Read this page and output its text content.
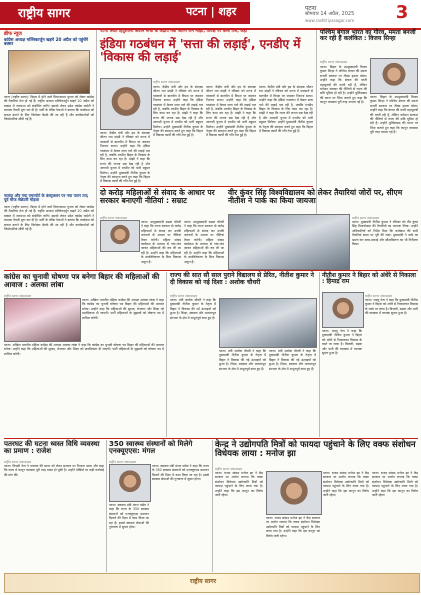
राष्ट्रीय सागर	पटना | शहर	पटना
सोमवार 14 अप्रैल, 2025
www.rashtriyasagar.com 3
ब्रीफ न्यूज
कांग्रेस अध्यक्ष मल्लिकार्जुन खड़गे 20 अप्रैल को पहुंचेंगे बक्सर
पटना (राष्ट्रीय सागर): बिहार में होने वाले विधानसभा चुनाव को लेकर कांग्रेस की तैयारियां तेज हो गई हैं। राष्ट्रीय अध्यक्ष मल्लिकार्जुन खड़गे 20 अप्रैल को बक्सर में जनसभा को संबोधित करेंगे। इसको लेकर प्रदेश कांग्रेस कमेटी ने व्यापक तैयारी शुरू कर दी है। पार्टी के वरिष्ठ नेताओं ने बताया कि कार्यक्रम को सफल बनाने के लिए जिलेवार बैठकें की जा रही हैं और कार्यकर्ताओं को जिम्मेदारियां सौंपी गई हैं।
नालंदा और गया एयरपोर्ट के कंस्ट्रक्शन पर नया प्लान तय; पूर्व चीफ सेक्रेटरी मोहला
पटना (राष्ट्रीय सागर): बिहार में होने वाले विधानसभा चुनाव को लेकर कांग्रेस की तैयारियां तेज हो गई हैं। राष्ट्रीय अध्यक्ष मल्लिकार्जुन खड़गे 20 अप्रैल को बक्सर में जनसभा को संबोधित करेंगे। इसको लेकर प्रदेश कांग्रेस कमेटी ने व्यापक तैयारी शुरू कर दी है। पार्टी के वरिष्ठ नेताओं ने बताया कि कार्यक्रम को सफल बनाने के लिए जिलेवार बैठकें की जा रही हैं और कार्यकर्ताओं को जिम्मेदारियां सौंपी गई हैं।
पटना स्थित हिंदुस्तानी अवाम मोर्चा के केंद्रीय मंत्री जीतन राम मांझी, विपक्ष पर कसा तंज, कहा
इंडिया गठबंधन में 'सत्ता की लड़ाई', एनडीए में 'विकास की लड़ाई'
राष्ट्रीय सागर संवाददाता
पटना। केंद्रीय मंत्री और हम के संरक्षक जीतन राम मांझी ने रविवार को पटना में पत्रकारों से बातचीत में विपक्ष पर जमकर निशाना साधा। उन्होंने कहा कि इंडिया गठबंधन में केवल सत्ता पाने की लड़ाई चल रही है, जबकि एनडीए बिहार के विकास के लिए काम कर रहा है। मांझी ने कहा कि राज्य की जनता सब देख रही है और आगामी चुनाव में एनडीए को भारी बहुमत मिलेगा। उन्होंने मुख्यमंत्री नीतीश कुमार के नेतृत्व की सराहना करते हुए कहा कि बिहार में विकास कार्यों की गति तेज हुई है।
पटना। केंद्रीय मंत्री और हम के संरक्षक जीतन राम मांझी ने रविवार को पटना में पत्रकारों से बातचीत में विपक्ष पर जमकर निशाना साधा। उन्होंने कहा कि इंडिया गठबंधन में केवल सत्ता पाने की लड़ाई चल रही है, जबकि एनडीए बिहार के विकास के लिए काम कर रहा है। मांझी ने कहा कि राज्य की जनता सब देख रही है और आगामी चुनाव में एनडीए को भारी बहुमत मिलेगा। उन्होंने मुख्यमंत्री नीतीश कुमार के नेतृत्व की सराहना करते हुए कहा कि बिहार में विकास कार्यों की गति तेज हुई है।
पटना। केंद्रीय मंत्री और हम के संरक्षक जीतन राम मांझी ने रविवार को पटना में पत्रकारों से बातचीत में विपक्ष पर जमकर निशाना साधा। उन्होंने कहा कि इंडिया गठबंधन में केवल सत्ता पाने की लड़ाई चल रही है, जबकि एनडीए बिहार के विकास के लिए काम कर रहा है। मांझी ने कहा कि राज्य की जनता सब देख रही है और आगामी चुनाव में एनडीए को भारी बहुमत मिलेगा। उन्होंने मुख्यमंत्री नीतीश कुमार के नेतृत्व की सराहना करते हुए कहा कि बिहार में विकास कार्यों की गति तेज हुई है।
पटना। केंद्रीय मंत्री और हम के संरक्षक जीतन राम मांझी ने रविवार को पटना में पत्रकारों से बातचीत में विपक्ष पर जमकर निशाना साधा। उन्होंने कहा कि इंडिया गठबंधन में केवल सत्ता पाने की लड़ाई चल रही है, जबकि एनडीए बिहार के विकास के लिए काम कर रहा है। मांझी ने कहा कि राज्य की जनता सब देख रही है और आगामी चुनाव में एनडीए को भारी बहुमत मिलेगा। उन्होंने मुख्यमंत्री नीतीश कुमार के नेतृत्व की सराहना करते हुए कहा कि बिहार में विकास कार्यों की गति तेज हुई है।
पश्चिम बंगाल भारत का गौरव, ममता बनर्जी कर रही हैं कलंकित : विजय सिन्हा
राष्ट्रीय सागर संवाददाता
पटना। बिहार के उपमुख्यमंत्री विजय कुमार सिन्हा ने पश्चिम बंगाल की ममता बनर्जी सरकार पर तीखा हमला बोला। उन्होंने कहा कि बंगाल की धरती महापुरुषों की धरती रही है, लेकिन वर्तमान सरकार की नीतियों से राज्य की छवि धूमिल हो रही है। उन्होंने मुर्शिदाबाद की घटना पर चिंता जताते हुए कहा कि कानून व्यवस्था पूरी तरह चरमरा गई है।
पटना। बिहार के उपमुख्यमंत्री विजय कुमार सिन्हा ने पश्चिम बंगाल की ममता बनर्जी सरकार पर तीखा हमला बोला। उन्होंने कहा कि बंगाल की धरती महापुरुषों की धरती रही है, लेकिन वर्तमान सरकार की नीतियों से राज्य की छवि धूमिल हो रही है। उन्होंने मुर्शिदाबाद की घटना पर चिंता जताते हुए कहा कि कानून व्यवस्था पूरी तरह चरमरा गई है।
दो करोड़ महिलाओं से संवाद के आधार पर सरकार बनाएगी नीतियां : सम्राट
राष्ट्रीय सागर संवाददाता
पटना। उपमुख्यमंत्री सम्राट चौधरी ने कहा कि राज्य सरकार दो करोड़ महिलाओं से संवाद कर उनकी जरूरतों के आधार पर नीतियां तैयार करेगी। महिला संवाद कार्यक्रम के माध्यम से गांव-गांव जाकर महिलाओं की राय ली जा रही है। उन्होंने कहा कि महिलाओं के सशक्तिकरण के बिना विकास अधूरा है।
पटना। उपमुख्यमंत्री सम्राट चौधरी ने कहा कि राज्य सरकार दो करोड़ महिलाओं से संवाद कर उनकी जरूरतों के आधार पर नीतियां तैयार करेगी। महिला संवाद कार्यक्रम के माध्यम से गांव-गांव जाकर महिलाओं की राय ली जा रही है। उन्होंने कहा कि महिलाओं के सशक्तिकरण के बिना विकास अधूरा है।
वीर कुंवर सिंह विश्वविद्यालय को लेकर तैयारियां जोरों पर, सीएम नीतीश ने पार्क का किया जायजा
राष्ट्रीय सागर संवाददाता
पटना। मुख्यमंत्री नीतीश कुमार ने रविवार को वीर कुंवर सिंह विजयोत्सव की तैयारियों का जायजा लिया। उन्होंने अधिकारियों को निर्देश दिया कि कार्यक्रम की सभी तैयारियां समय पर पूरी की जाएं। मुख्यमंत्री ने पार्क का भ्रमण कर साफ-सफाई और सौंदर्यीकरण का भी निरीक्षण किया।
कांग्रेस का चुनावी घोषणा पत्र बनेगा बिहार की महिलाओं की आवाज : अलका लांबा
राष्ट्रीय सागर संवाददाता
पटना। अखिल भारतीय महिला कांग्रेस की अध्यक्ष अलका लांबा ने कहा कि कांग्रेस का चुनावी घोषणा पत्र बिहार की महिलाओं की आवाज बनेगा। उन्होंने कहा कि महिलाओं की सुरक्षा, रोजगार और शिक्षा को प्राथमिकता दी जाएगी। पार्टी महिलाओं के सुझावों को घोषणा पत्र में शामिल करेगी।
पटना। अखिल भारतीय महिला कांग्रेस की अध्यक्ष अलका लांबा ने कहा कि कांग्रेस का चुनावी घोषणा पत्र बिहार की महिलाओं की आवाज बनेगा। उन्होंने कहा कि महिलाओं की सुरक्षा, रोजगार और शिक्षा को प्राथमिकता दी जाएगी। पार्टी महिलाओं के सुझावों को घोषणा पत्र में शामिल करेगी।
राज्य की सात सौ साल पुराने विद्यालय से प्रेरित, नीतीश कुमार ने दी विकास को नई दिशा : अशोक चौधरी
राष्ट्रीय सागर संवाददाता
पटना। मंत्री अशोक चौधरी ने कहा कि मुख्यमंत्री नीतीश कुमार के नेतृत्व में बिहार ने विकास की नई ऊंचाइयों को छुआ है। शिक्षा, स्वास्थ्य और आधारभूत संरचना के क्षेत्र में अभूतपूर्व काम हुए हैं।
पटना। मंत्री अशोक चौधरी ने कहा कि मुख्यमंत्री नीतीश कुमार के नेतृत्व में बिहार ने विकास की नई ऊंचाइयों को छुआ है। शिक्षा, स्वास्थ्य और आधारभूत संरचना के क्षेत्र में अभूतपूर्व काम हुए हैं।
पटना। मंत्री अशोक चौधरी ने कहा कि मुख्यमंत्री नीतीश कुमार के नेतृत्व में बिहार ने विकास की नई ऊंचाइयों को छुआ है। शिक्षा, स्वास्थ्य और आधारभूत संरचना के क्षेत्र में अभूतपूर्व काम हुए हैं।
नीतीश कुमार ने बिहार को अंधेरे से निकाला : हिमाद्र राम
राष्ट्रीय सागर संवाददाता
पटना। जदयू नेता ने कहा कि मुख्यमंत्री नीतीश कुमार ने बिहार को अंधेरे से निकालकर विकास के रास्ते पर लाया है। बिजली, सड़क और पानी की व्यवस्था में व्यापक सुधार हुआ है।
पटना। जदयू नेता ने कहा कि मुख्यमंत्री नीतीश कुमार ने बिहार को अंधेरे से निकालकर विकास के रास्ते पर लाया है। बिजली, सड़क और पानी की व्यवस्था में व्यापक सुधार हुआ है।
पतरघट की घटना ध्वस्त विधि व्यवस्था का प्रमाण : राजेश
राष्ट्रीय सागर संवाददाता
पटना। विपक्षी नेता ने पतरघट की घटना को लेकर सरकार पर निशाना साधा और कहा कि राज्य में कानून व्यवस्था पूरी तरह ध्वस्त हो चुकी है। उन्होंने दोषियों पर कड़ी कार्रवाई की मांग की।
350 स्वास्थ्य संस्थानों को मिलेगे एनक्यूएएस: मंगल
राष्ट्रीय सागर संवाददाता
पटना। स्वास्थ्य मंत्री मंगल पांडेय ने कहा कि राज्य के 350 स्वास्थ्य संस्थानों को एनक्यूएएस प्रमाणन दिलाने की दिशा में काम किया जा रहा है। इससे स्वास्थ्य सेवाओं की गुणवत्ता में सुधार होगा।
पटना। स्वास्थ्य मंत्री मंगल पांडेय ने कहा कि राज्य के 350 स्वास्थ्य संस्थानों को एनक्यूएएस प्रमाणन दिलाने की दिशा में काम किया जा रहा है। इससे स्वास्थ्य सेवाओं की गुणवत्ता में सुधार होगा।
केन्द्र ने उद्योगपति मित्रों को फायदा पहुंचाने के लिए वक्फ संशोधन विधेयक लाया : मनोज झा
राष्ट्रीय सागर संवाददाता
पटना। राजद सांसद मनोज झा ने केंद्र सरकार पर आरोप लगाया कि वक्फ संशोधन विधेयक उद्योगपति मित्रों को फायदा पहुंचाने के लिए लाया गया है। उन्होंने कहा कि इस कानून का विरोध जारी रहेगा।
पटना। राजद सांसद मनोज झा ने केंद्र सरकार पर आरोप लगाया कि वक्फ संशोधन विधेयक उद्योगपति मित्रों को फायदा पहुंचाने के लिए लाया गया है। उन्होंने कहा कि इस कानून का विरोध जारी रहेगा।
पटना। राजद सांसद मनोज झा ने केंद्र सरकार पर आरोप लगाया कि वक्फ संशोधन विधेयक उद्योगपति मित्रों को फायदा पहुंचाने के लिए लाया गया है। उन्होंने कहा कि इस कानून का विरोध जारी रहेगा।
पटना। राजद सांसद मनोज झा ने केंद्र सरकार पर आरोप लगाया कि वक्फ संशोधन विधेयक उद्योगपति मित्रों को फायदा पहुंचाने के लिए लाया गया है। उन्होंने कहा कि इस कानून का विरोध जारी रहेगा।
राष्ट्रीय सागर
